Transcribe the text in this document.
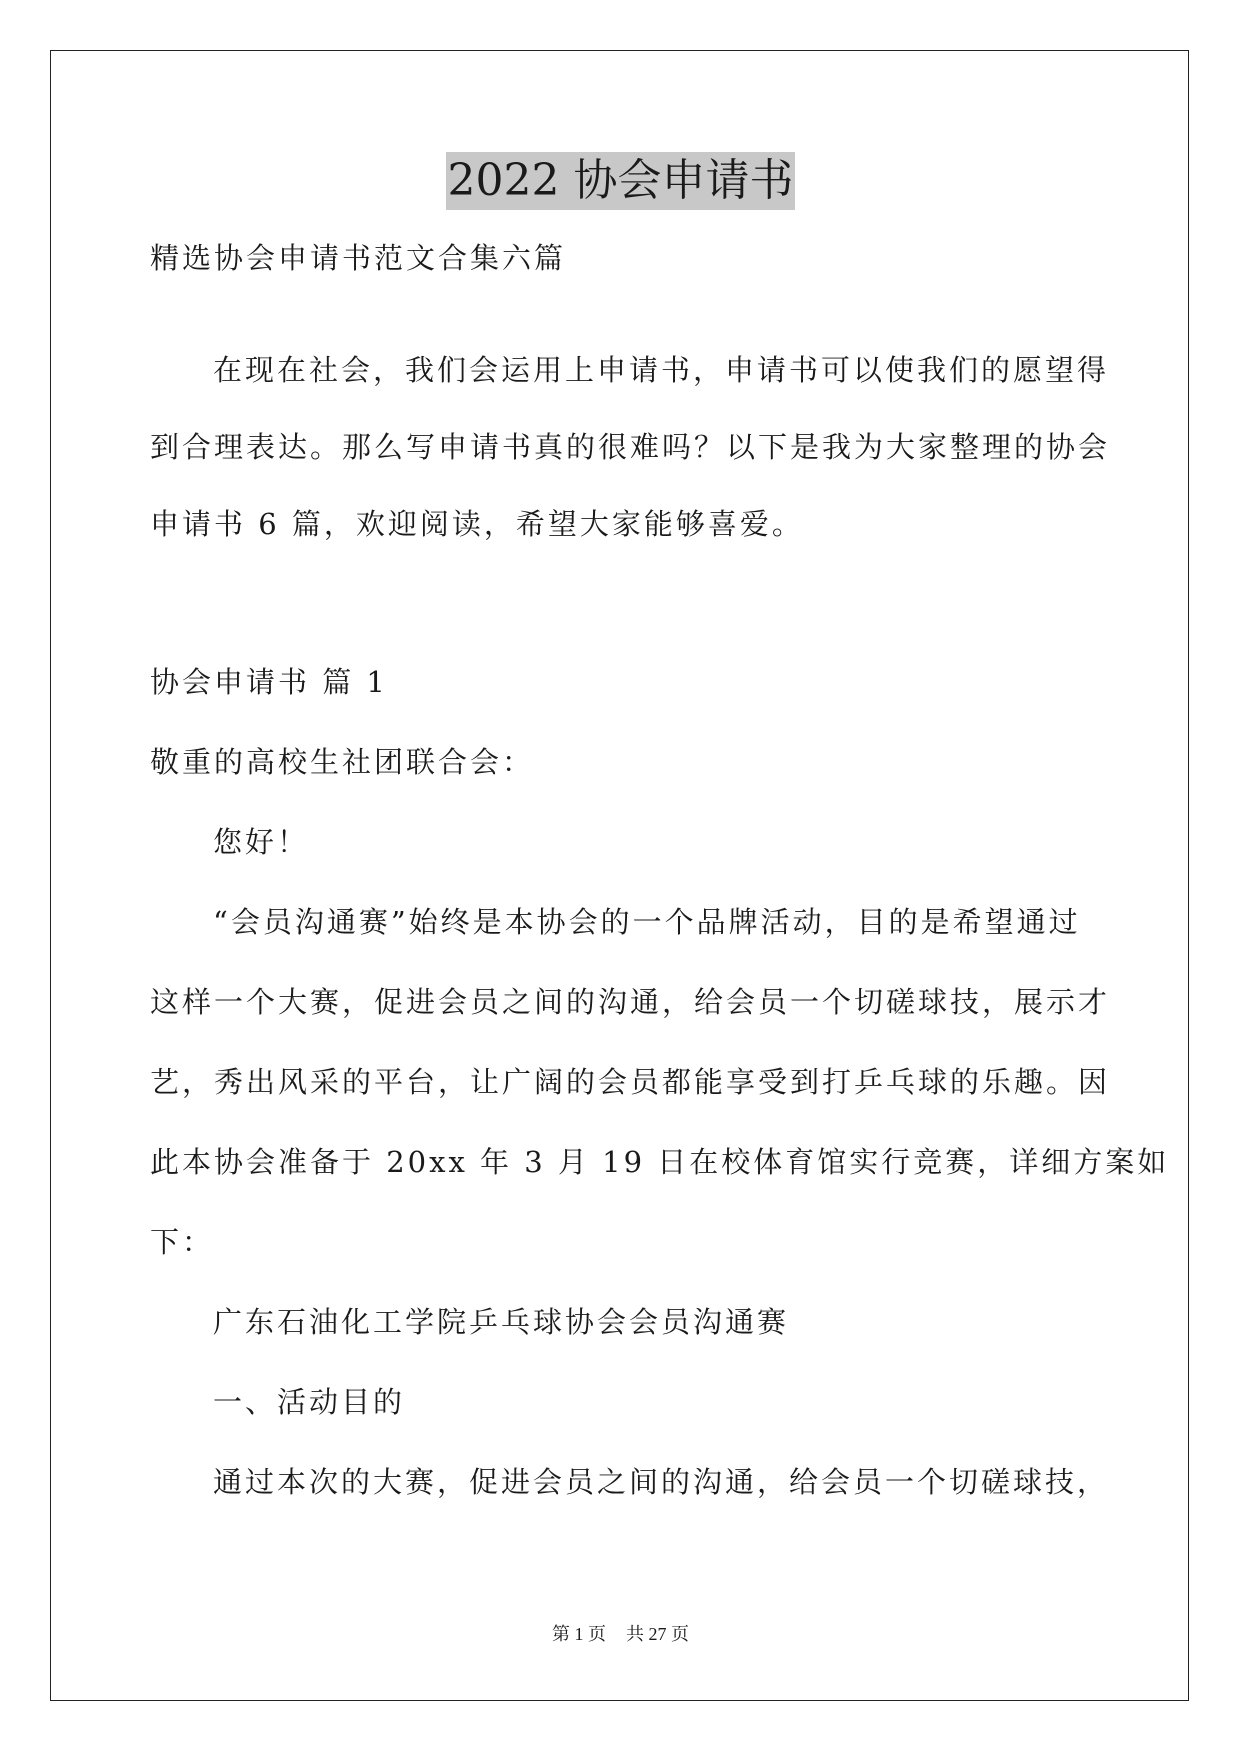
2022 协会申请书
精选协会申请书范文合集六篇
在现在社会，我们会运用上申请书，申请书可以使我们的愿望得
到合理表达。那么写申请书真的很难吗？以下是我为大家整理的协会
申请书 6 篇，欢迎阅读，希望大家能够喜爱。
协会申请书 篇 1
敬重的高校生社团联合会：
您好！
“会员沟通赛”始终是本协会的一个品牌活动，目的是希望通过
这样一个大赛，促进会员之间的沟通，给会员一个切磋球技，展示才
艺，秀出风采的平台，让广阔的会员都能享受到打乒乓球的乐趣。因
此本协会准备于 20xx 年 3 月 19 日在校体育馆实行竞赛，详细方案如
下：
广东石油化工学院乒乓球协会会员沟通赛
一、活动目的
通过本次的大赛，促进会员之间的沟通，给会员一个切磋球技，
第 1 页 共 27 页
